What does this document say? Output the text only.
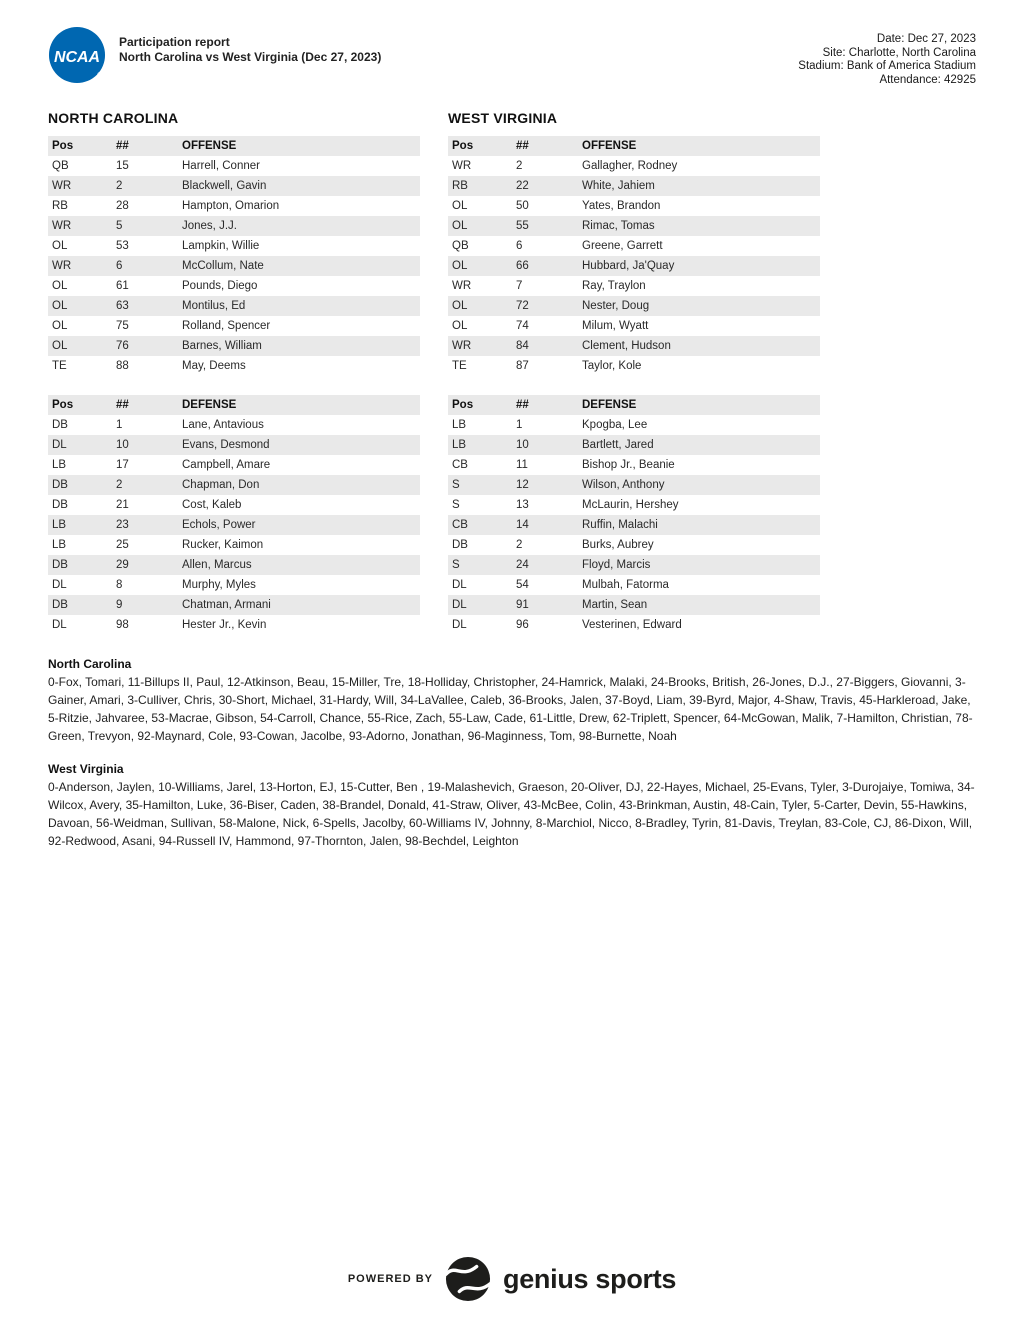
NCAA
®
Participation report
North Carolina vs West Virginia (Dec 27, 2023)
Date: Dec 27, 2023
Site: Charlotte, North Carolina
Stadium: Bank of America Stadium
Attendance: 42925
NORTH CAROLINA
Pos	##	OFFENSE
QB	15	Harrell, Conner
WR	2	Blackwell, Gavin
RB	28	Hampton, Omarion
WR	5	Jones, J.J.
OL	53	Lampkin, Willie
WR	6	McCollum, Nate
OL	61	Pounds, Diego
OL	63	Montilus, Ed
OL	75	Rolland, Spencer
OL	76	Barnes, William
TE	88	May, Deems
Pos	##	DEFENSE
DB	1	Lane, Antavious
DL	10	Evans, Desmond
LB	17	Campbell, Amare
DB	2	Chapman, Don
DB	21	Cost, Kaleb
LB	23	Echols, Power
LB	25	Rucker, Kaimon
DB	29	Allen, Marcus
DL	8	Murphy, Myles
DB	9	Chatman, Armani
DL	98	Hester Jr., Kevin
WEST VIRGINIA
Pos	##	OFFENSE
WR	2	Gallagher, Rodney
RB	22	White, Jahiem
OL	50	Yates, Brandon
OL	55	Rimac, Tomas
QB	6	Greene, Garrett
OL	66	Hubbard, Ja'Quay
WR	7	Ray, Traylon
OL	72	Nester, Doug
OL	74	Milum, Wyatt
WR	84	Clement, Hudson
TE	87	Taylor, Kole
Pos	##	DEFENSE
LB	1	Kpogba, Lee
LB	10	Bartlett, Jared
CB	11	Bishop Jr., Beanie
S	12	Wilson, Anthony
S	13	McLaurin, Hershey
CB	14	Ruffin, Malachi
DB	2	Burks, Aubrey
S	24	Floyd, Marcis
DL	54	Mulbah, Fatorma
DL	91	Martin, Sean
DL	96	Vesterinen, Edward
North Carolina

0-Fox, Tomari, 11-Billups II, Paul, 12-Atkinson, Beau, 15-Miller, Tre, 18-Holliday, Christopher, 24-Hamrick, Malaki, 24-Brooks, British, 26-Jones, D.J., 27-Biggers, Giovanni, 3-Gainer, Amari, 3-Culliver, Chris, 30-Short, Michael, 31-Hardy, Will, 34-LaVallee, Caleb, 36-Brooks, Jalen, 37-Boyd, Liam, 39-Byrd, Major, 4-Shaw, Travis, 45-Harkleroad, Jake, 5-Ritzie, Jahvaree, 53-Macrae, Gibson, 54-Carroll, Chance, 55-Rice, Zach, 55-Law, Cade, 61-Little, Drew, 62-Triplett, Spencer, 64-McGowan, Malik, 7-Hamilton, Christian, 78-Green, Trevyon, 92-Maynard, Cole, 93-Cowan, Jacolbe, 93-Adorno, Jonathan, 96-Maginness, Tom, 98-Burnette, Noah

West Virginia

0-Anderson, Jaylen, 10-Williams, Jarel, 13-Horton, EJ, 15-Cutter, Ben , 19-Malashevich, Graeson, 20-Oliver, DJ, 22-Hayes, Michael, 25-Evans, Tyler, 3-Durojaiye, Tomiwa, 34-Wilcox, Avery, 35-Hamilton, Luke, 36-Biser, Caden, 38-Brandel, Donald, 41-Straw, Oliver, 43-McBee, Colin, 43-Brinkman, Austin, 48-Cain, Tyler, 5-Carter, Devin, 55-Hawkins, Davoan, 56-Weidman, Sullivan, 58-Malone, Nick, 6-Spells, Jacolby, 60-Williams IV, Johnny, 8-Marchiol, Nicco, 8-Bradley, Tyrin, 81-Davis, Treylan, 83-Cole, CJ, 86-Dixon, Will, 92-Redwood, Asani, 94-Russell IV, Hammond, 97-Thornton, Jalen, 98-Bechdel, Leighton

POWERED BY	genius sports
